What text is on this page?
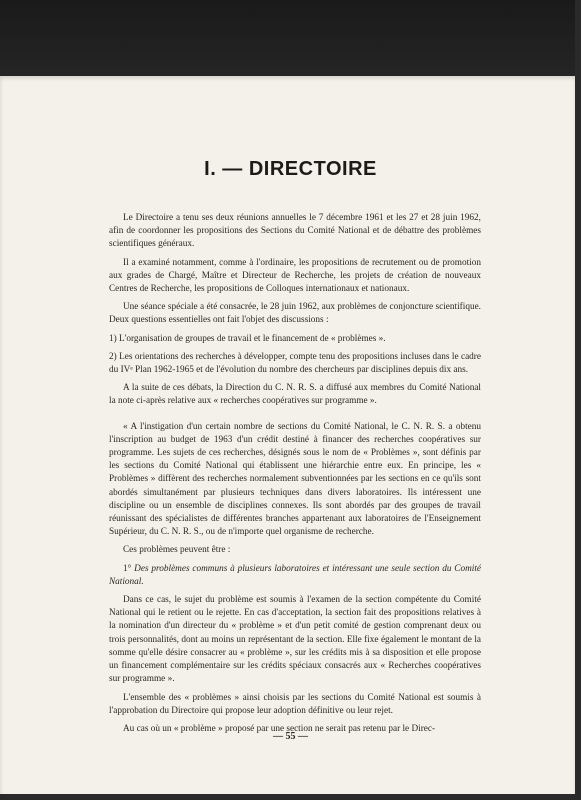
I. — DIRECTOIRE

Le Directoire a tenu ses deux réunions annuelles le 7 décembre 1961 et les 27 et 28 juin 1962, afin de coordonner les propositions des Sections du Comité National et de débattre des problèmes scientifiques généraux.

Il a examiné notamment, comme à l'ordinaire, les propositions de recrutement ou de promotion aux grades de Chargé, Maître et Directeur de Recherche, les projets de création de nouveaux Centres de Recherche, les propositions de Colloques internationaux et nationaux.

Une séance spéciale a été consacrée, le 28 juin 1962, aux problèmes de conjoncture scientifique. Deux questions essentielles ont fait l'objet des discussions :

1) L'organisation de groupes de travail et le financement de « problèmes ».

2) Les orientations des recherches à développer, compte tenu des propositions incluses dans le cadre du IVᵉ Plan 1962-1965 et de l'évolution du nombre des chercheurs par disciplines depuis dix ans.

A la suite de ces débats, la Direction du C. N. R. S. a diffusé aux membres du Comité National la note ci-après relative aux « recherches coopératives sur programme ».

« A l'instigation d'un certain nombre de sections du Comité National, le C. N. R. S. a obtenu l'inscription au budget de 1963 d'un crédit destiné à financer des recherches coopératives sur programme. Les sujets de ces recherches, désignés sous le nom de « Problèmes », sont définis par les sections du Comité National qui établissent une hiérarchie entre eux. En principe, les « Problèmes » diffèrent des recherches normalement subventionnées par les sections en ce qu'ils sont abordés simultanément par plusieurs techniques dans divers laboratoires. Ils intéressent une discipline ou un ensemble de disciplines connexes. Ils sont abordés par des groupes de travail réunissant des spécialistes de différentes branches appartenant aux laboratoires de l'Enseignement Supérieur, du C. N. R. S., ou de n'importe quel organisme de recherche.

Ces problèmes peuvent être :

1° Des problèmes communs à plusieurs laboratoires et intéressant une seule section du Comité National.

Dans ce cas, le sujet du problème est soumis à l'examen de la section compétente du Comité National qui le retient ou le rejette. En cas d'acceptation, la section fait des propositions relatives à la nomination d'un directeur du « problème » et d'un petit comité de gestion comprenant deux ou trois personnalités, dont au moins un représentant de la section. Elle fixe également le montant de la somme qu'elle désire consacrer au « problème », sur les crédits mis à sa disposition et elle propose un financement complémentaire sur les crédits spéciaux consacrés aux « Recherches coopératives sur programme ».

L'ensemble des « problèmes » ainsi choisis par les sections du Comité National est soumis à l'approbation du Directoire qui propose leur adoption définitive ou leur rejet.

Au cas où un « problème » proposé par une section ne serait pas retenu par le Direc-

— 55 —
